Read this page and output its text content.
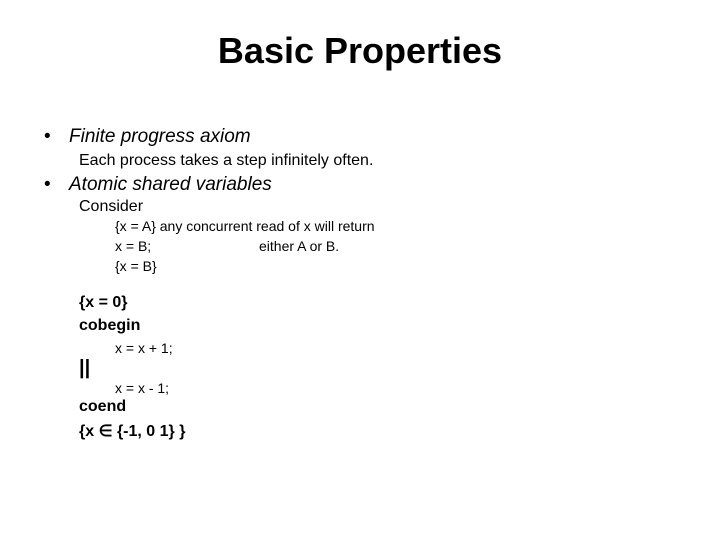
Basic Properties
• Finite progress axiom
Each process takes a step infinitely often.
• Atomic shared variables
Consider
{x = A} any concurrent read of x will return
x = B;	either A or B.
{x = B}
{x = 0}
cobegin
x = x + 1;
||
x = x - 1;
coend
{x ∈ {-1, 0 1} }
